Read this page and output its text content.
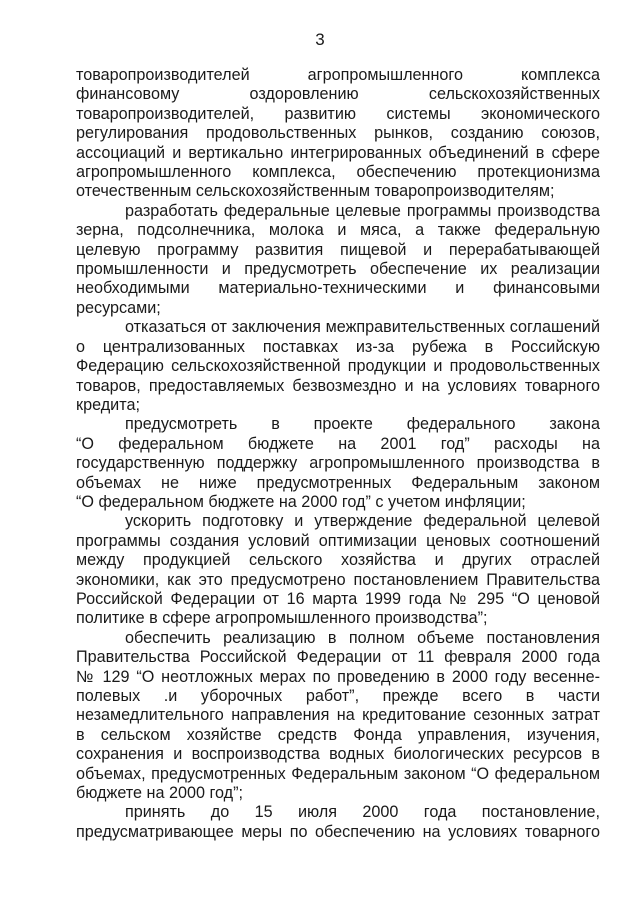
3
товаропроизводителей агропромышленного комплекса
финансовому оздоровлению сельскохозяйственных
товаропроизводителей, развитию системы экономического
регулирования продовольственных рынков, созданию союзов,
ассоциаций и вертикально интегрированных объединений в сфере
агропромышленного комплекса, обеспечению протекционизма
отечественным сельскохозяйственным товаропроизводителям;
разработать федеральные целевые программы производства
зерна, подсолнечника, молока и мяса, а также федеральную
целевую программу развития пищевой и перерабатывающей
промышленности и предусмотреть обеспечение их реализации
необходимыми материально-техническими и финансовыми
ресурсами;
отказаться от заключения межправительственных соглашений
о централизованных поставках из-за рубежа в Российскую
Федерацию сельскохозяйственной продукции и продовольственных
товаров, предоставляемых безвозмездно и на условиях товарного
кредита;
предусмотреть в проекте федерального закона
“О федеральном бюджете на 2001 год” расходы на
государственную поддержку агропромышленного производства в
объемах не ниже предусмотренных Федеральным законом
“О федеральном бюджете на 2000 год” с учетом инфляции;
ускорить подготовку и утверждение федеральной целевой
программы создания условий оптимизации ценовых соотношений
между продукцией сельского хозяйства и других отраслей
экономики, как это предусмотрено постановлением Правительства
Российской Федерации от 16 марта 1999 года № 295 “О ценовой
политике в сфере агропромышленного производства”;
обеспечить реализацию в полном объеме постановления
Правительства Российской Федерации от 11 февраля 2000 года
№ 129 “О неотложных мерах по проведению в 2000 году весенне-
полевых .и уборочных работ”, прежде всего в части
незамедлительного направления на кредитование сезонных затрат
в сельском хозяйстве средств Фонда управления, изучения,
сохранения и воспроизводства водных биологических ресурсов в
объемах, предусмотренных Федеральным законом “О федеральном
бюджете на 2000 год”;
принять до 15 июля 2000 года постановление,
предусматривающее меры по обеспечению на условиях товарного
